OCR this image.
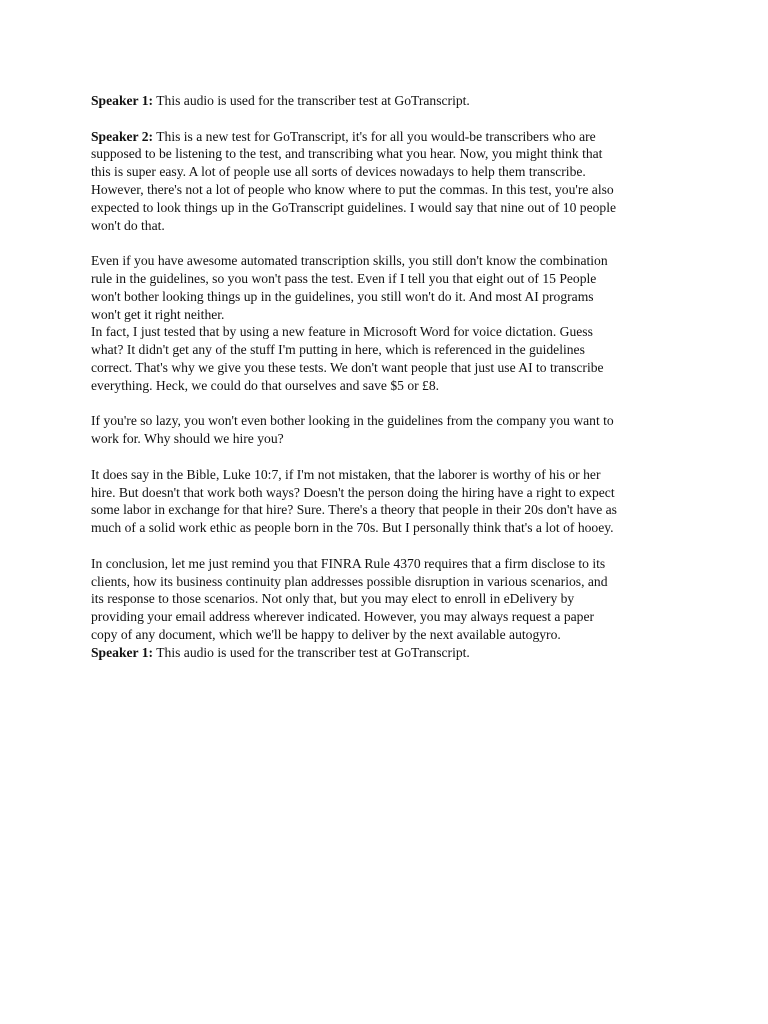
Speaker 1: This audio is used for the transcriber test at GoTranscript.

Speaker 2: This is a new test for GoTranscript, it's for all you would-be transcribers who are
supposed to be listening to the test, and transcribing what you hear. Now, you might think that
this is super easy. A lot of people use all sorts of devices nowadays to help them transcribe.
However, there's not a lot of people who know where to put the commas. In this test, you're also
expected to look things up in the GoTranscript guidelines. I would say that nine out of 10 people
won't do that.

Even if you have awesome automated transcription skills, you still don't know the combination
rule in the guidelines, so you won't pass the test. Even if I tell you that eight out of 15 People
won't bother looking things up in the guidelines, you still won't do it. And most AI programs
won't get it right neither.

In fact, I just tested that by using a new feature in Microsoft Word for voice dictation. Guess
what? It didn't get any of the stuff I'm putting in here, which is referenced in the guidelines
correct. That's why we give you these tests. We don't want people that just use AI to transcribe
everything. Heck, we could do that ourselves and save $5 or £8.

If you're so lazy, you won't even bother looking in the guidelines from the company you want to
work for. Why should we hire you?

It does say in the Bible, Luke 10:7, if I'm not mistaken, that the laborer is worthy of his or her
hire. But doesn't that work both ways? Doesn't the person doing the hiring have a right to expect
some labor in exchange for that hire? Sure. There's a theory that people in their 20s don't have as
much of a solid work ethic as people born in the 70s. But I personally think that's a lot of hooey.

In conclusion, let me just remind you that FINRA Rule 4370 requires that a firm disclose to its
clients, how its business continuity plan addresses possible disruption in various scenarios, and
its response to those scenarios. Not only that, but you may elect to enroll in eDelivery by
providing your email address wherever indicated. However, you may always request a paper
copy of any document, which we'll be happy to deliver by the next available autogyro.

Speaker 1: This audio is used for the transcriber test at GoTranscript.
